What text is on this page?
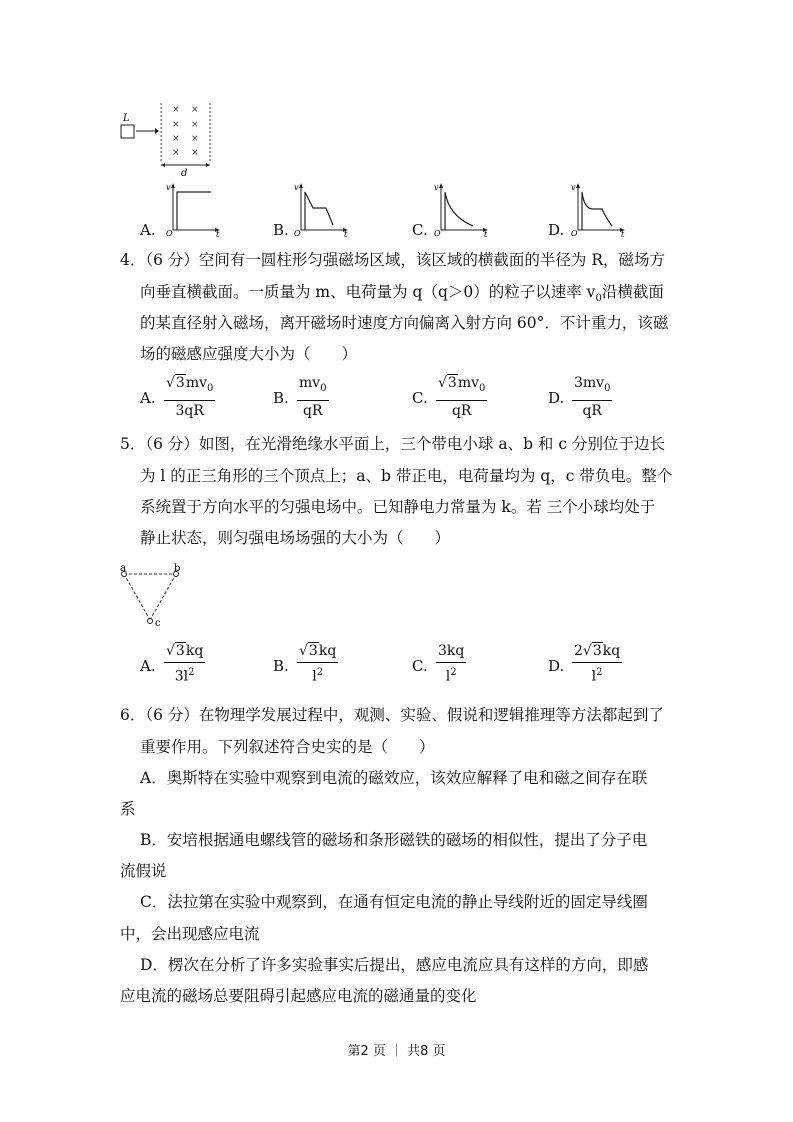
L
× ×
× ×
× ×
× ×
d
A.
v
O	t	B.
v
O	t	C.
v
O	t	D.
v
O	t
4．（6 分）空间有一圆柱形匀强磁场区域，该区域的横截面的半径为 R，磁场方
向垂直横截面。一质量为 m、电荷量为 q（q＞0）的粒子以速率 $v_0$沿横截面
的某直径射入磁场，离开磁场时速度方向偏离入射方向 60°．不计重力，该磁
场的磁感应强度大小为（　　）
A. $\frac{√3mv_0}{3qR}$	B. $\frac{mv_0}{qR}$	C. $\frac{√3mv_0}{qR}$	D. $\frac{3mv_0}{qR}$
5．（6 分）如图，在光滑绝缘水平面上，三个带电小球 a、b 和 c 分别位于边长
为 l 的正三角形的三个顶点上；a、b 带正电，电荷量均为 q，c 带负电。整个
系统置于方向水平的匀强电场中。已知静电力常量为 k。若 三个小球均处于
静止状态，则匀强电场场强的大小为（　　）
a	b
c
A. $\frac{√3kq}{3l^2}$	B. $\frac{√3kq}{l^2}$	C. $\frac{3kq}{l^2}$	D. $\frac{2√3kq}{l^2}$
6．（6 分）在物理学发展过程中，观测、实验、假说和逻辑推理等方法都起到了
重要作用。下列叙述符合史实的是（　　）
A．奥斯特在实验中观察到电流的磁效应，该效应解释了电和磁之间存在联
系
B．安培根据通电螺线管的磁场和条形磁铁的磁场的相似性，提出了分子电
流假说
C．法拉第在实验中观察到，在通有恒定电流的静止导线附近的固定导线圈
中，会出现感应电流
D．楞次在分析了许多实验事实后提出，感应电流应具有这样的方向，即感
应电流的磁场总要阻碍引起感应电流的磁通量的变化
第2 页 ｜ 共8 页
